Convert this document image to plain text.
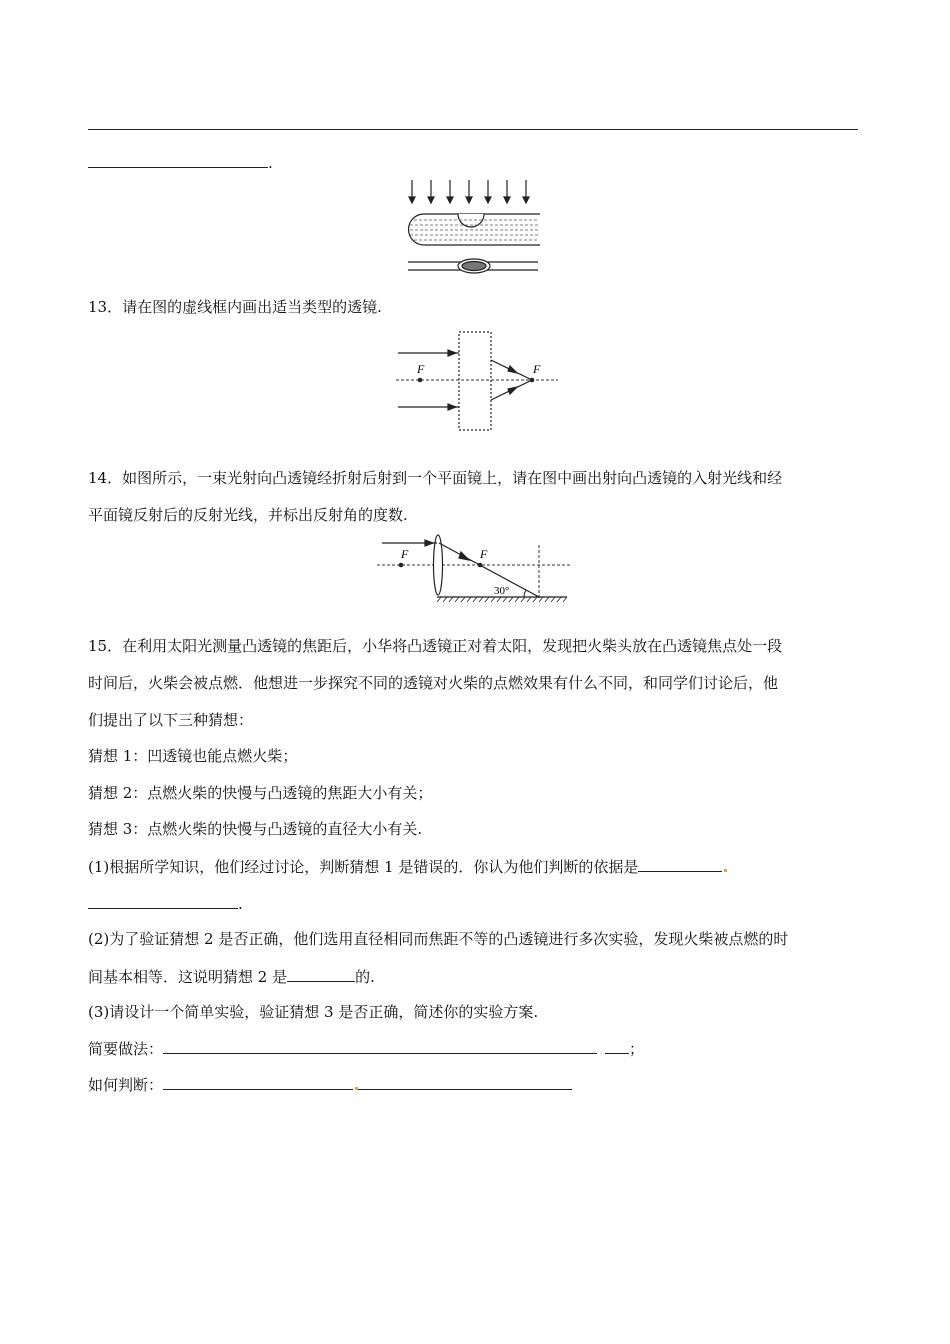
.
13．请在图的虚线框内画出适当类型的透镜.
F	F
14．如图所示，一束光射向凸透镜经折射后射到一个平面镜上，请在图中画出射向凸透镜的入射光线和经
平面镜反射后的反射光线，并标出反射角的度数.
F	F
30°
15．在利用太阳光测量凸透镜的焦距后，小华将凸透镜正对着太阳，发现把火柴头放在凸透镜焦点处一段
时间后，火柴会被点燃．他想进一步探究不同的透镜对火柴的点燃效果有什么不同，和同学们讨论后，他
们提出了以下三种猜想：
猜想 1：凹透镜也能点燃火柴；
猜想 2：点燃火柴的快慢与凸透镜的焦距大小有关；
猜想 3：点燃火柴的快慢与凸透镜的直径大小有关.
(1)根据所学知识，他们经过讨论，判断猜想 1 是错误的．你认为他们判断的依据是
.
(2)为了验证猜想 2 是否正确，他们选用直径相同而焦距不等的凸透镜进行多次实验，发现火柴被点燃的时
间基本相等．这说明猜想 2 是	的.
(3)请设计一个简单实验，验证猜想 3 是否正确，简述你的实验方案.
简要做法：	；
如何判断：
